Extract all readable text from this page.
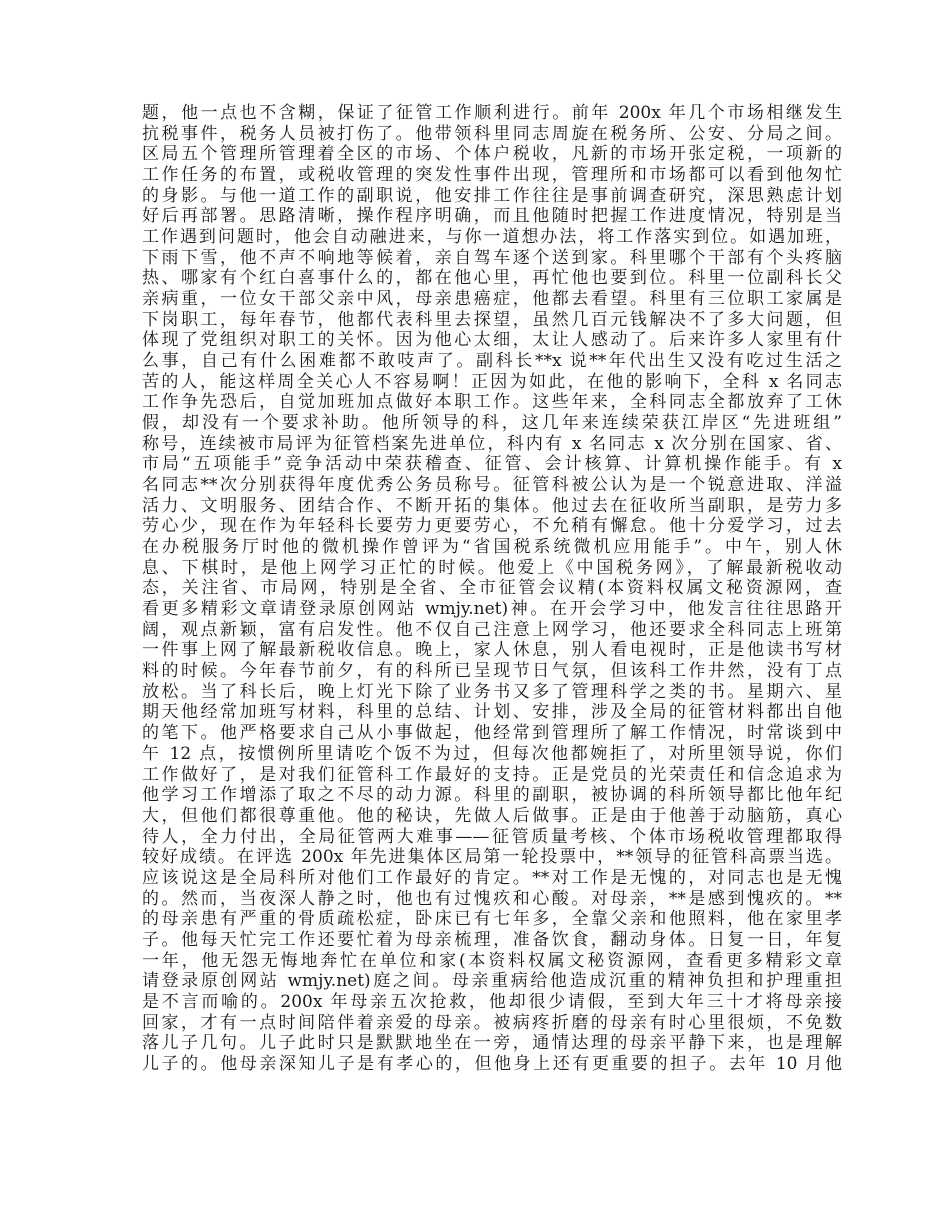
题，他一点也不含糊，保证了征管工作顺利进行。前年 200x 年几个市场相继发生
抗税事件，税务人员被打伤了。他带领科里同志周旋在税务所、公安、分局之间。
区局五个管理所管理着全区的市场、个体户税收，凡新的市场开张定税，一项新的
工作任务的布置，或税收管理的突发性事件出现，管理所和市场都可以看到他匆忙
的身影。与他一道工作的副职说，他安排工作往往是事前调查研究，深思熟虑计划
好后再部署。思路清晰，操作程序明确，而且他随时把握工作进度情况，特别是当
工作遇到问题时，他会自动融进来，与你一道想办法，将工作落实到位。如遇加班，
下雨下雪，他不声不响地等候着，亲自驾车逐个送到家。科里哪个干部有个头疼脑
热、哪家有个红白喜事什么的，都在他心里，再忙他也要到位。科里一位副科长父
亲病重，一位女干部父亲中风，母亲患癌症，他都去看望。科里有三位职工家属是
下岗职工，每年春节，他都代表科里去探望，虽然几百元钱解决不了多大问题，但
体现了党组织对职工的关怀。因为他心太细，太让人感动了。后来许多人家里有什
么事，自己有什么困难都不敢吱声了。副科长**x 说**年代出生又没有吃过生活之
苦的人，能这样周全关心人不容易啊！正因为如此，在他的影响下，全科 x 名同志
工作争先恐后，自觉加班加点做好本职工作。这些年来，全科同志全都放弃了工休
假，却没有一个要求补助。他所领导的科，这几年来连续荣获江岸区“先进班组”
称号，连续被市局评为征管档案先进单位，科内有 x 名同志 x 次分别在国家、省、
市局“五项能手”竞争活动中荣获稽查、征管、会计核算、计算机操作能手。有 x
名同志**次分别获得年度优秀公务员称号。征管科被公认为是一个锐意进取、洋溢
活力、文明服务、团结合作、不断开拓的集体。他过去在征收所当副职，是劳力多
劳心少，现在作为年轻科长要劳力更要劳心，不允稍有懈怠。他十分爱学习，过去
在办税服务厅时他的微机操作曾评为“省国税系统微机应用能手”。中午，别人休
息、下棋时，是他上网学习正忙的时候。他爱上《中国税务网》，了解最新税收动
态，关注省、市局网，特别是全省、全市征管会议精(本资料权属文秘资源网，查
看更多精彩文章请登录原创网站 wmjy.net)神。在开会学习中，他发言往往思路开
阔，观点新颖，富有启发性。他不仅自己注意上网学习，他还要求全科同志上班第
一件事上网了解最新税收信息。晚上，家人休息，别人看电视时，正是他读书写材
料的时候。今年春节前夕，有的科所已呈现节日气氛，但该科工作井然，没有丁点
放松。当了科长后，晚上灯光下除了业务书又多了管理科学之类的书。星期六、星
期天他经常加班写材料，科里的总结、计划、安排，涉及全局的征管材料都出自他
的笔下。他严格要求自己从小事做起，他经常到管理所了解工作情况，时常谈到中
午 12 点，按惯例所里请吃个饭不为过，但每次他都婉拒了，对所里领导说，你们
工作做好了，是对我们征管科工作最好的支持。正是党员的光荣责任和信念追求为
他学习工作增添了取之不尽的动力源。科里的副职，被协调的科所领导都比他年纪
大，但他们都很尊重他。他的秘诀，先做人后做事。正是由于他善于动脑筋，真心
待人，全力付出，全局征管两大难事——征管质量考核、个体市场税收管理都取得
较好成绩。在评选 200x 年先进集体区局第一轮投票中，**领导的征管科高票当选。
应该说这是全局科所对他们工作最好的肯定。**对工作是无愧的，对同志也是无愧
的。然而，当夜深人静之时，他也有过愧疚和心酸。对母亲，**是感到愧疚的。**
的母亲患有严重的骨质疏松症，卧床已有七年多，全靠父亲和他照料，他在家里孝
子。他每天忙完工作还要忙着为母亲梳理，准备饮食，翻动身体。日复一日，年复
一年，他无怨无悔地奔忙在单位和家(本资料权属文秘资源网，查看更多精彩文章
请登录原创网站 wmjy.net)庭之间。母亲重病给他造成沉重的精神负担和护理重担
是不言而喻的。200x 年母亲五次抢救，他却很少请假，至到大年三十才将母亲接
回家，才有一点时间陪伴着亲爱的母亲。被病疼折磨的母亲有时心里很烦，不免数
落儿子几句。儿子此时只是默默地坐在一旁，通情达理的母亲平静下来，也是理解
儿子的。他母亲深知儿子是有孝心的，但他身上还有更重要的担子。去年 10 月他
